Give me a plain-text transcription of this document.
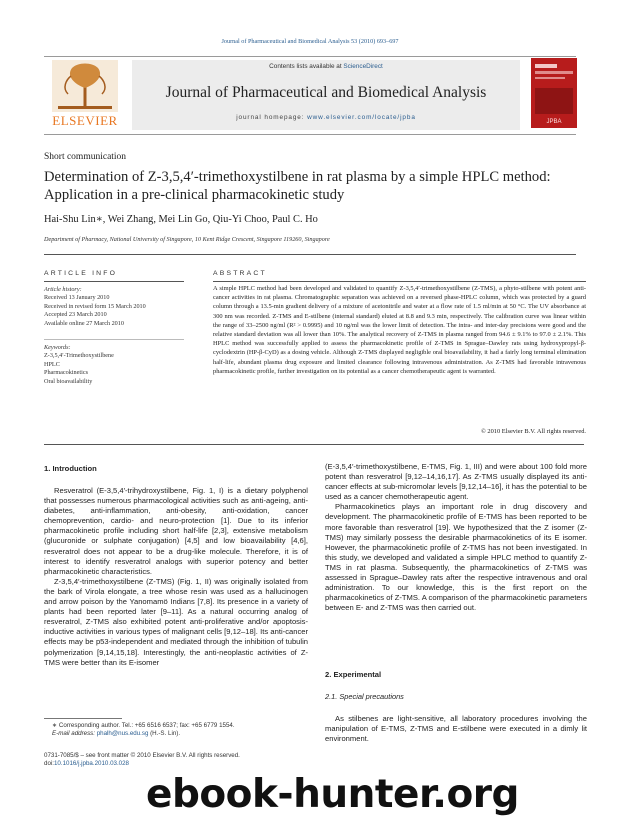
Journal of Pharmaceutical and Biomedical Analysis 53 (2010) 693–697
ELSEVIER
Contents lists available at ScienceDirect
Journal of Pharmaceutical and Biomedical Analysis
journal homepage: www.elsevier.com/locate/jpba
JPBA
Short communication
Determination of Z-3,5,4′-trimethoxystilbene in rat plasma by a simple HPLC method: Application in a pre-clinical pharmacokinetic study
Hai-Shu Lin∗, Wei Zhang, Mei Lin Go, Qiu-Yi Choo, Paul C. Ho
Department of Pharmacy, National University of Singapore, 10 Kent Ridge Crescent, Singapore 119260, Singapore
ARTICLE INFO
Article history:
Received 13 January 2010
Received in revised form 15 March 2010
Accepted 23 March 2010
Available online 27 March 2010
Keywords:
Z-3,5,4′-Trimethoxystilbene
HPLC
Pharmacokinetics
Oral bioavailability
ABSTRACT
A simple HPLC method had been developed and validated to quantify Z-3,5,4′-trimethoxystilbene (Z-TMS), a phyto-stilbene with potent anti-cancer activities in rat plasma. Chromatographic separation was achieved on a reversed phase-HPLC column, which was protected by a guard column through a 13.5-min gradient delivery of a mixture of acetonitrile and water at a flow rate of 1.5 ml/min at 50 °C. The UV absorbance at 300 nm was recorded. Z-TMS and E-stilbene (internal standard) eluted at 8.8 and 9.3 min, respectively. The calibration curve was linear within the range of 33–2500 ng/ml (R² > 0.9995) and 10 ng/ml was the lower limit of detection. The intra- and inter-day precisions were good and the relative standard deviation was all lower than 10%. The analytical recovery of Z-TMS in plasma ranged from 94.6 ± 9.1% to 97.0 ± 2.1%. This HPLC method was successfully applied to assess the pharmacokinetic profile of Z-TMS in Sprague–Dawley rats using hydroxypropyl-β-cyclodextrin (HP-β-CyD) as a dosing vehicle. Although Z-TMS displayed negligible oral bioavailability, it had a fairly long terminal elimination half-life, abundant plasma drug exposure and limited clearance following intravenous administration. As Z-TMS had favorable intravenous pharmacokinetic profile, further investigation on its potential as a cancer chemotherapeutic agent is warranted.
© 2010 Elsevier B.V. All rights reserved.
1. Introduction

Resveratrol (E-3,5,4′-trihydroxystilbene, Fig. 1, I) is a dietary polyphenol that possesses numerous pharmacological activities such as anti-ageing, anti-diabetes, anti-inflammation, anti-obesity, anti-oxidation, cancer chemoprevention, cardio- and neuro-protection [1]. Due to its inferior pharmacokinetic profile including short half-life [2,3], extensive metabolism (glucuronide or sulphate conjugation) [4,5] and low bioavailability [4,6], resveratrol does not appear to be a drug-like molecule. Therefore, it is of interest to identify resveratrol analogs with superior potency and better pharmacokinetic characteristics.

Z-3,5,4′-trimethoxystilbene (Z-TMS) (Fig. 1, II) was originally isolated from the bark of Virola elongate, a tree whose resin was used as a hallucinogen and arrow poison by the Yanomamö Indians [7,8]. Its presence in a variety of plants had been reported later [9–11]. As a natural occurring analog of resveratrol, Z-TMS also exhibited potent anti-proliferative and/or apoptosis-inductive activities in various types of malignant cells [9,12–18]. Its anti-cancer effects may be p53-independent and mediated through the inhibition of tubulin polymerization [9,14,15,18]. Interestingly, the anti-neoplastic activities of Z-TMS were better than its E-isomer

∗ Corresponding author. Tel.: +65 6516 6537; fax: +65 6779 1554.
E-mail address: phalh@nus.edu.sg (H.-S. Lin).
0731-7085/$ – see front matter © 2010 Elsevier B.V. All rights reserved.
doi:10.1016/j.jpba.2010.03.028

(E-3,5,4′-trimethoxystilbene, E-TMS, Fig. 1, III) and were about 100 fold more potent than resveratrol [9,12–14,16,17]. As Z-TMS usually displayed its anti-cancer effects at sub-micromolar levels [9,12,14–16], it has the potential to be used as a cancer chemotherapeutic agent.

Pharmacokinetics plays an important role in drug discovery and development. The pharmacokinetic profile of E-TMS has been reported to be more favorable than resveratrol [19]. We hypothesized that the Z isomer (Z-TMS) may similarly possess the desirable pharmacokinetics of its E isomer. However, the pharmacokinetic profile of Z-TMS has not been investigated. In this study, we developed and validated a simple HPLC method to quantify Z-TMS in rat plasma. Subsequently, the pharmacokinetics of Z-TMS was assessed in Sprague–Dawley rats after the respective intravenous and oral administration. To our knowledge, this is the first report on the pharmacokinetics of Z-TMS. A comparison of the pharmacokinetic parameters between E- and Z-TMS was then carried out.

2. Experimental
2.1. Special precautions

As stilbenes are light-sensitive, all laboratory procedures involving the manipulation of E-TMS, Z-TMS and E-stilbene were executed in a dimly lit environment.

ebook-hunter.org
